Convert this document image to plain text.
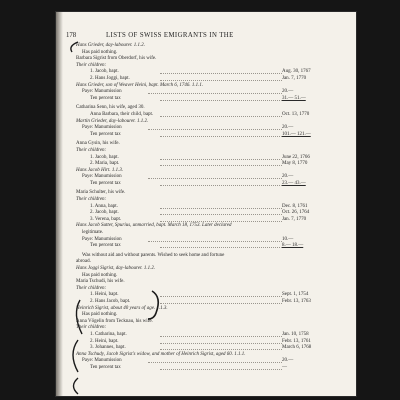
178	LISTS OF SWISS EMIGRANTS IN THE
Hans Grieder, day-labourer. 1.1.2.
Has paid nothing.
Barbara Sigrist from Oberdorf, his wife.
Their children:
1. Jacob, bapt.	Aug. 30, 1767
2. Hans Joggi, bapt.	Jan. 7, 1770
Hans Grieder, son of Weaver Heini, bapt. March 6, 1746. 1.1.1.
Paye: Manumission	20.—
Ten percent tax	31.— 51.—
Catharina Senn, his wife, aged 30.
Anna Barbara, their child, bapt.	Oct. 13, 1770
Martin Grieder, day-labourer. 1.1.2.
Paye: Manumission	20.—
Ten percent tax	101.— 121.—
Anna Gysin, his wife.
Their children:
1. Jacob, bapt.	June 22, 1766
2. Maria, bapt.	May 8, 1770
Hans Jacob Hirt. 1.1.3.
Paye: Manumission	20.—
Ten percent tax	23.— 43.—
Maria Schulter, his wife.
Their children:
1. Anna, bapt.	Dec. 8, 1761
2. Jacob, bapt.	Oct. 26, 1764
3. Verena, bapt.	Jan. 7, 1770
Hans Jacob Sutter, Spurius, unmarried, bapt. March 18, 1753. Later declared
legitimate.
Paye: Manumission	10.—
Ten percent tax	8.— 18.—
Was without aid and without parents. Wished to seek home and fortune
abroad.
Hans Joggi Sigrist, day-labourer. 1.1.2.
Has paid nothing.
Maria Tschudi, his wife.
Their children:
1. Heini, bapt.	Sept. 1, 1754
2. Hans Jacob, bapt.	Febr. 13, 1763
Heinrich Sigrist, about 40 years of age. 1.1.3.
Has paid nothing.
Anna Vögelin from Tecknau, his wife.
Their children:
1. Catharina, bapt.	Jan. 10, 1758
2. Heini, bapt.	Febr. 13, 1761
3. Johannes, bapt.	March 6, 1768
Anna Tschudy, Jacob Sigrist's widow, and mother of Heinrich Sigrist, aged 60. 1.1.1.
Paye: Manumission	20.—
Ten percent tax	—
